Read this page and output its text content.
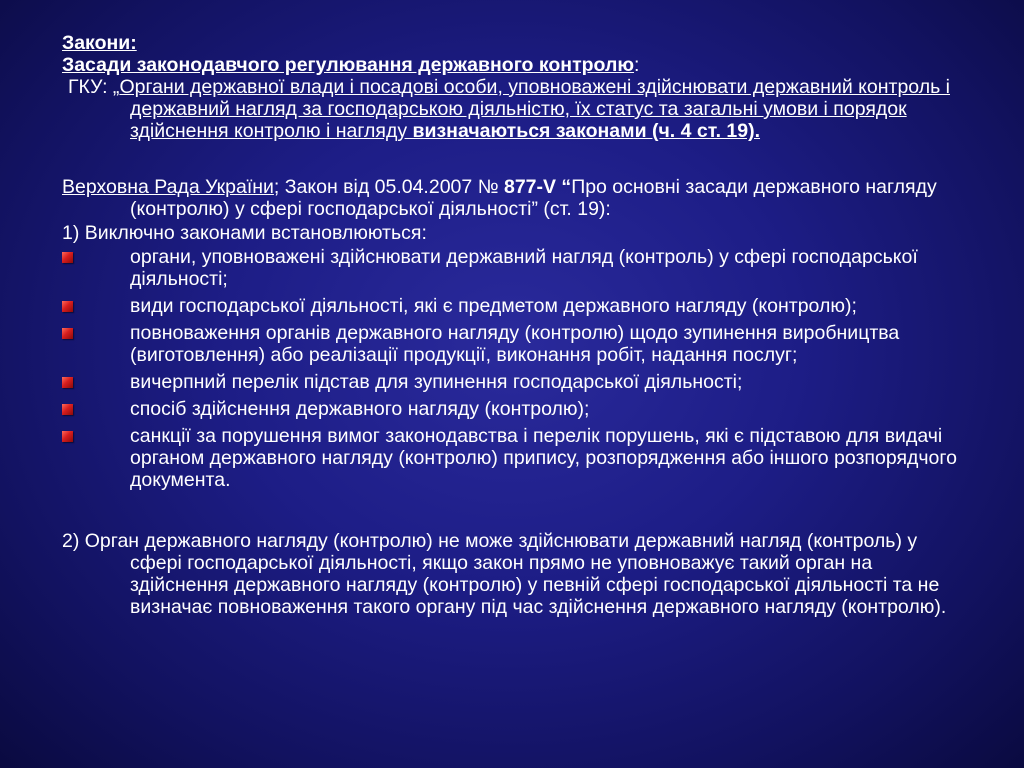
Закони:

Засади законодавчого регулювання державного контролю:

ГКУ: „Органи державної влади і посадові особи, уповноважені здійснювати державний контроль і державний нагляд за господарською діяльністю, їх статус та загальні умови і порядок здійснення контролю і нагляду визначаються законами (ч. 4 ст. 19).

Верховна Рада України; Закон від 05.04.2007 № 877-V “Про основні засади державного нагляду (контролю) у сфері господарської діяльності” (ст. 19):

1) Виключно законами встановлюються:

органи, уповноважені здійснювати державний нагляд (контроль) у сфері господарської діяльності;
види господарської діяльності, які є предметом державного нагляду (контролю);
повноваження органів державного нагляду (контролю) щодо зупинення виробництва (виготовлення) або реалізації продукції, виконання робіт, надання послуг;
вичерпний перелік підстав для зупинення господарської діяльності;
спосіб здійснення державного нагляду (контролю);
санкції за порушення вимог законодавства і перелік порушень, які є підставою для видачі органом державного нагляду (контролю) припису, розпорядження або іншого розпорядчого документа.

2) Орган державного нагляду (контролю) не може здійснювати державний нагляд (контроль) у сфері господарської діяльності, якщо закон прямо не уповноважує такий орган на здійснення державного нагляду (контролю) у певній сфері господарської діяльності та не визначає повноваження такого органу під час здійснення державного нагляду (контролю).
